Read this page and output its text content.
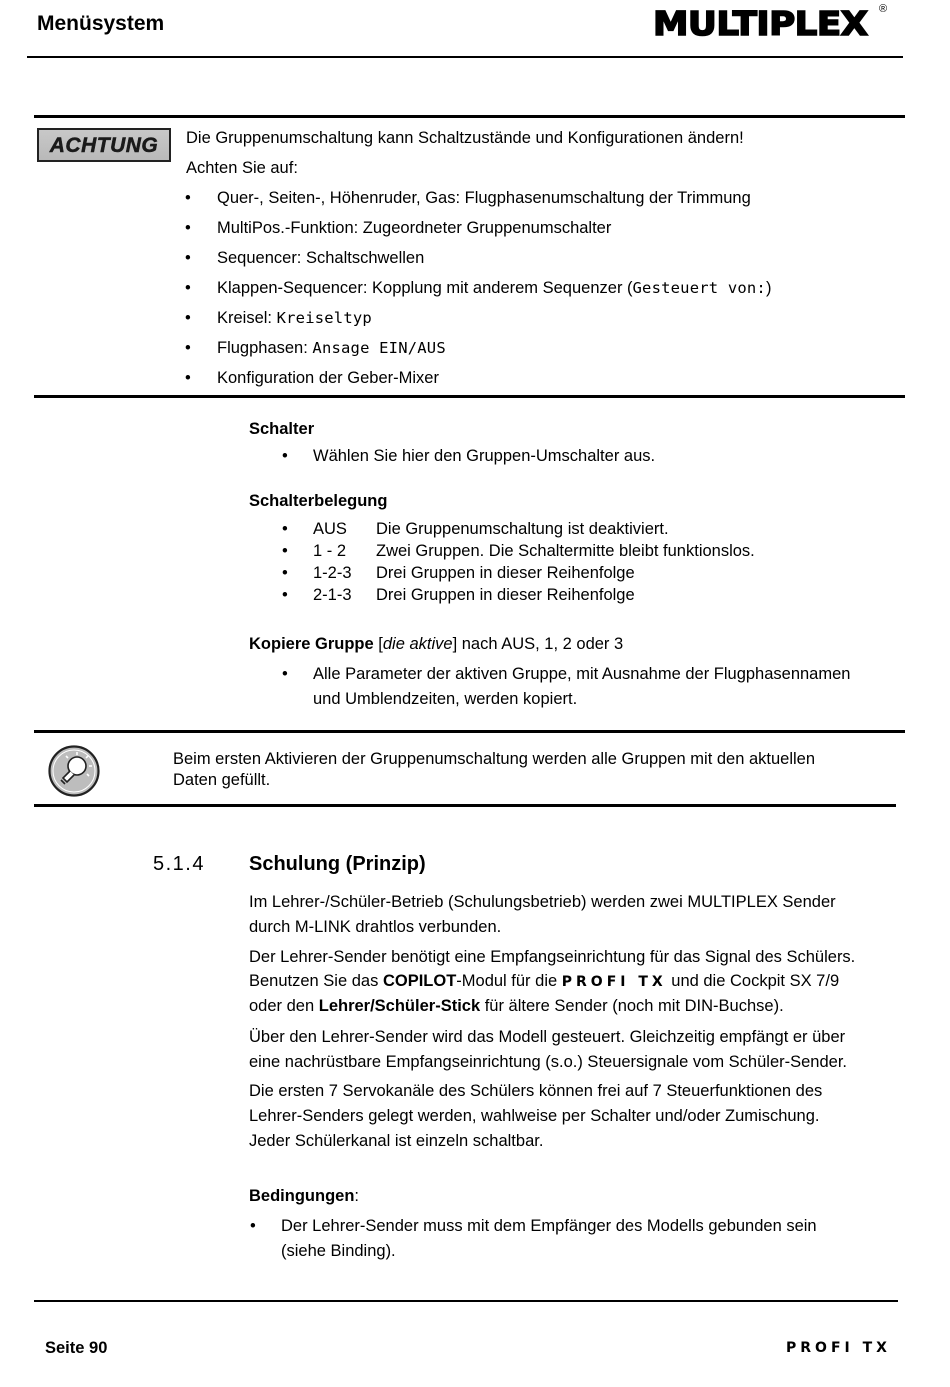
Menüsystem	MULTIPLEX ®
ACHTUNG	Die Gruppenumschaltung kann Schaltzustände und Konfigurationen ändern!
Achten Sie auf:
• Quer-, Seiten-, Höhenruder, Gas: Flugphasenumschaltung der Trimmung
• MultiPos.-Funktion: Zugeordneter Gruppenumschalter
• Sequencer: Schaltschwellen
• Klappen-Sequencer: Kopplung mit anderem Sequenzer (Gesteuert von:)
• Kreisel: Kreiseltyp
• Flugphasen: Ansage EIN/AUS
• Konfiguration der Geber-Mixer
Schalter
• Wählen Sie hier den Gruppen-Umschalter aus.
Schalterbelegung
• AUS Die Gruppenumschaltung ist deaktiviert.
• 1 - 2 Zwei Gruppen. Die Schaltermitte bleibt funktionslos.
• 1-2-3 Drei Gruppen in dieser Reihenfolge
• 2-1-3 Drei Gruppen in dieser Reihenfolge
Kopiere Gruppe [die aktive] nach AUS, 1, 2 oder 3
• Alle Parameter der aktiven Gruppe, mit Ausnahme der Flugphasennamen
und Umblendzeiten, werden kopiert.
Beim ersten Aktivieren der Gruppenumschaltung werden alle Gruppen mit den aktuellen
Daten gefüllt.
5.1.4 Schulung (Prinzip)
Im Lehrer-/Schüler-Betrieb (Schulungsbetrieb) werden zwei MULTIPLEX Sender
durch M-LINK drahtlos verbunden.
Der Lehrer-Sender benötigt eine Empfangseinrichtung für das Signal des Schülers.
Benutzen Sie das COPILOT-Modul für die PROFI TX und die Cockpit SX 7/9
oder den Lehrer/Schüler-Stick für ältere Sender (noch mit DIN-Buchse).
Über den Lehrer-Sender wird das Modell gesteuert. Gleichzeitig empfängt er über
eine nachrüstbare Empfangseinrichtung (s.o.) Steuersignale vom Schüler-Sender.
Die ersten 7 Servokanäle des Schülers können frei auf 7 Steuerfunktionen des
Lehrer-Senders gelegt werden, wahlweise per Schalter und/oder Zumischung.
Jeder Schülerkanal ist einzeln schaltbar.
Bedingungen:
• Der Lehrer-Sender muss mit dem Empfänger des Modells gebunden sein
(siehe Binding).
Seite 90	PROFI TX
